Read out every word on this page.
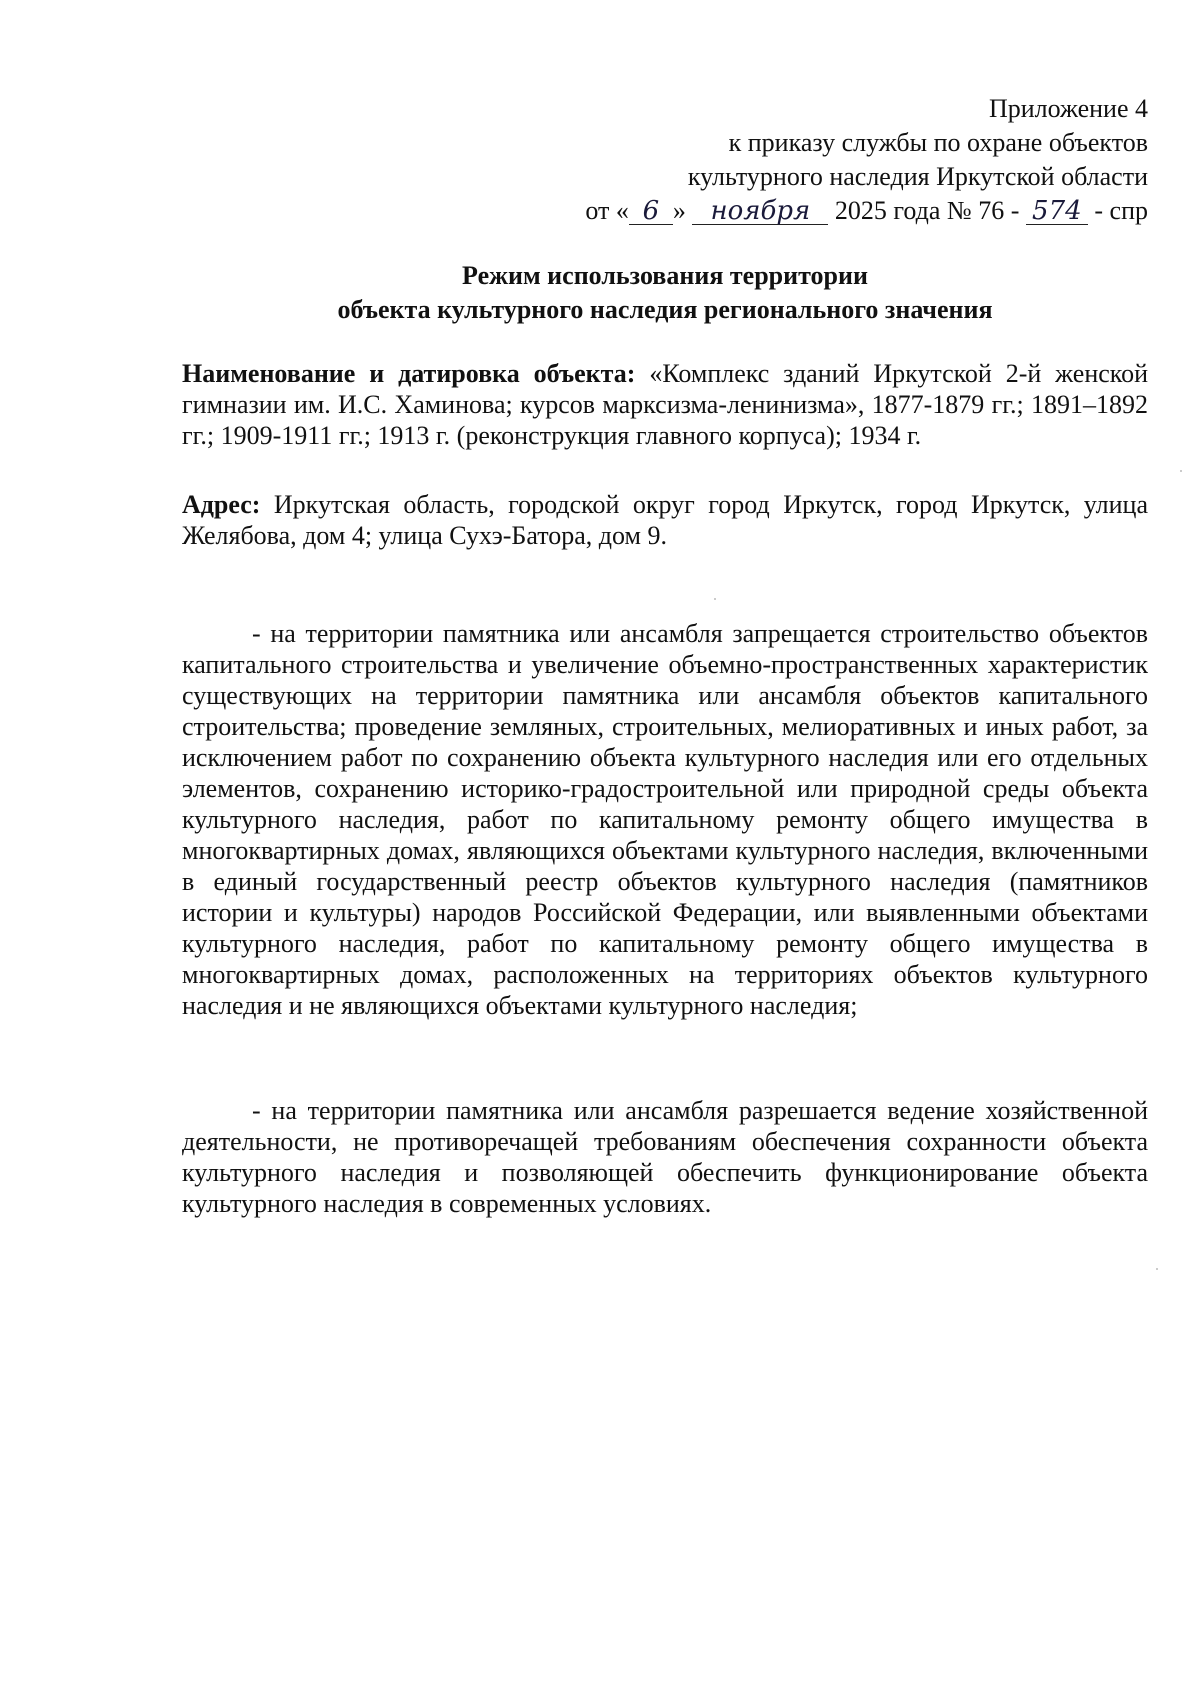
Приложение 4
к приказу службы по охране объектов
культурного наследия Иркутской области
от « 6 » ноября 2025 года № 76 - 574 - спр
Режим использования территории
объекта культурного наследия регионального значения
Наименование и датировка объекта: «Комплекс зданий Иркутской 2-й женской гимназии им. И.С. Хаминова; курсов марксизма-ленинизма», 1877-1879 гг.; 1891–1892 гг.; 1909-1911 гг.; 1913 г. (реконструкция главного корпуса); 1934 г.
Адрес: Иркутская область, городской округ город Иркутск, город Иркутск, улица Желябова, дом 4; улица Сухэ-Батора, дом 9.
- на территории памятника или ансамбля запрещается строительство объектов капитального строительства и увеличение объемно-пространственных характеристик существующих на территории памятника или ансамбля объектов капитального строительства; проведение земляных, строительных, мелиоративных и иных работ, за исключением работ по сохранению объекта культурного наследия или его отдельных элементов, сохранению историко-градостроительной или природной среды объекта культурного наследия, работ по капитальному ремонту общего имущества в многоквартирных домах, являющихся объектами культурного наследия, включенными в единый государственный реестр объектов культурного наследия (памятников истории и культуры) народов Российской Федерации, или выявленными объектами культурного наследия, работ по капитальному ремонту общего имущества в многоквартирных домах, расположенных на территориях объектов культурного наследия и не являющихся объектами культурного наследия;
- на территории памятника или ансамбля разрешается ведение хозяйственной деятельности, не противоречащей требованиям обеспечения сохранности объекта культурного наследия и позволяющей обеспечить функционирование объекта культурного наследия в современных условиях.
